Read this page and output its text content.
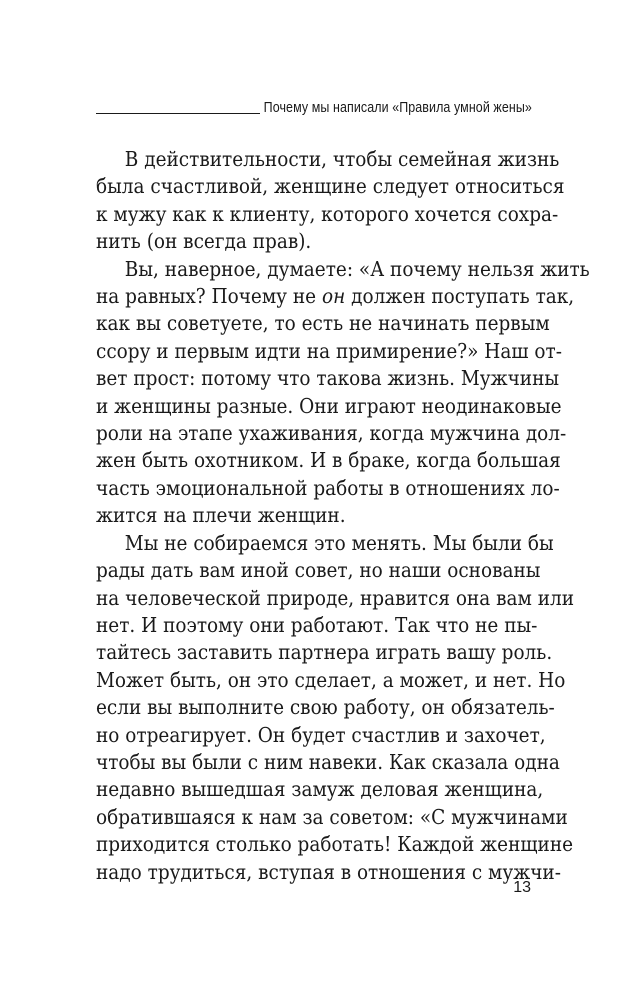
Почему мы написали «Правила умной жены»
В действительности, чтобы семейная жизнь
была счастливой, женщине следует относиться
к мужу как к клиенту, которого хочется сохра-
нить (он всегда прав).
Вы, наверное, думаете: «А почему нельзя жить
на равных? Почему не он должен поступать так,
как вы советуете, то есть не начинать первым
ссору и первым идти на примирение?» Наш от-
вет прост: потому что такова жизнь. Мужчины
и женщины разные. Они играют неодинаковые
роли на этапе ухаживания, когда мужчина дол-
жен быть охотником. И в браке, когда большая
часть эмоциональной работы в отношениях ло-
жится на плечи женщин.
Мы не собираемся это менять. Мы были бы
рады дать вам иной совет, но наши основаны
на человеческой природе, нравится она вам или
нет. И поэтому они работают. Так что не пы-
тайтесь заставить партнера играть вашу роль.
Может быть, он это сделает, а может, и нет. Но
если вы выполните свою работу, он обязатель-
но отреагирует. Он будет счастлив и захочет,
чтобы вы были с ним навеки. Как сказала одна
недавно вышедшая замуж деловая женщина,
обратившаяся к нам за советом: «С мужчинами
приходится столько работать! Каждой женщине
надо трудиться, вступая в отношения с мужчи-
13
